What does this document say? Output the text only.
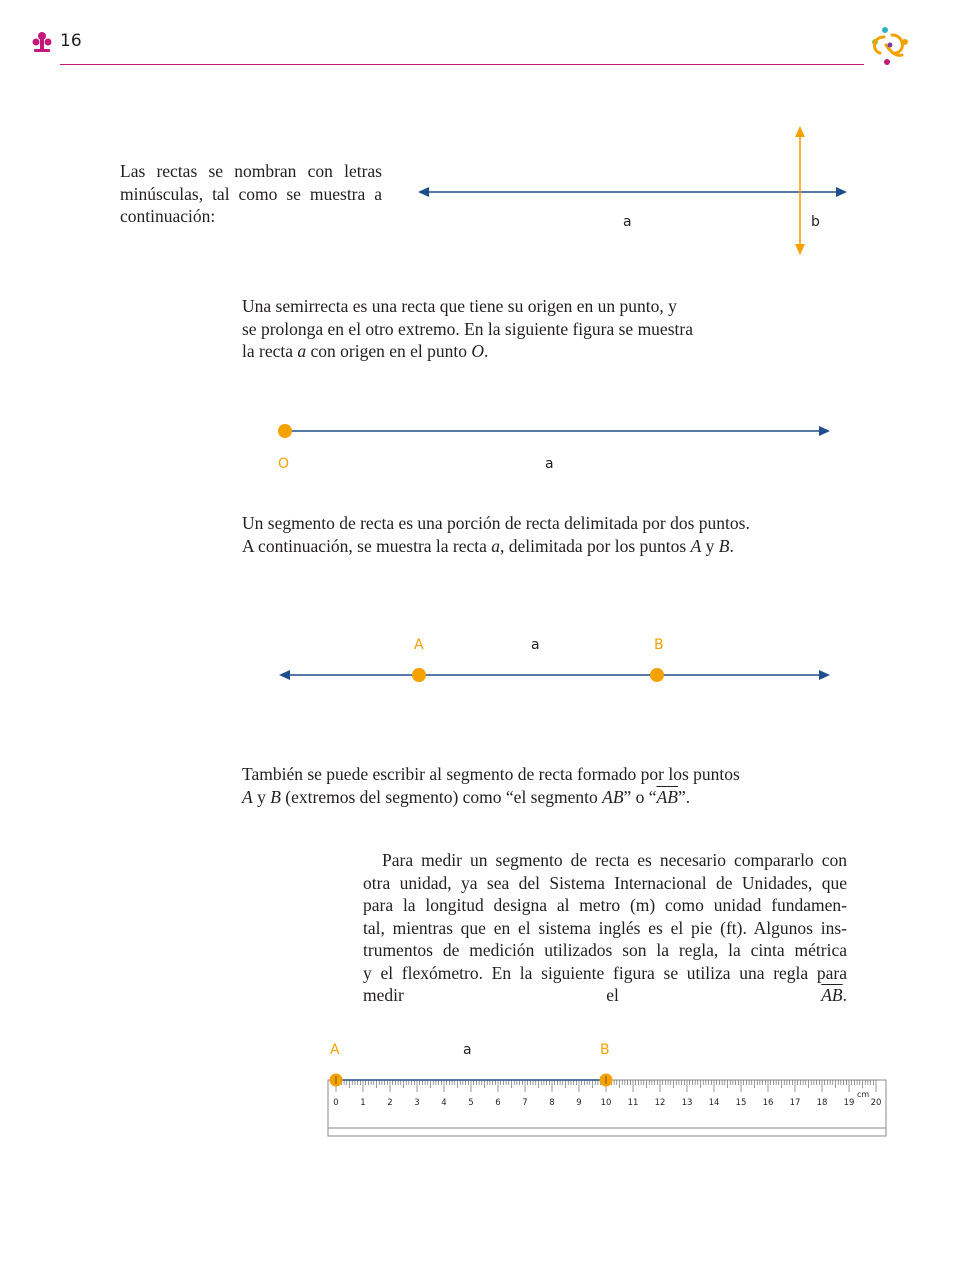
16
Las rectas se nombran con letras
minúsculas, tal como se muestra a
continuación:	a	b
Una semirrecta es una recta que tiene su origen en un punto, y
se prolonga en el otro extremo. En la siguiente figura se muestra
la recta a con origen en el punto O.
O	a
Un segmento de recta es una porción de recta delimitada por dos puntos.
A continuación, se muestra la recta a, delimitada por los puntos A y B.
A	a	B
También se puede escribir al segmento de recta formado por los puntos
A y B (extremos del segmento) como “el segmento AB” o “$\overline{AB}$”.
Para medir un segmento de recta es necesario compararlo con
otra unidad, ya sea del Sistema Internacional de Unidades, que
para la longitud designa al metro (m) como unidad fundamen-
tal, mientras que en el sistema inglés es el pie (ft). Algunos ins-
trumentos de medición utilizados son la regla, la cinta métrica
y el flexómetro. En la siguiente figura se utiliza una regla para
medir el $\overline{AB}$.
A	a	B
0	1	2	3	4	5	6	7	8	9 10 11 12 13 14 15 16 17 18 19 20
cm
